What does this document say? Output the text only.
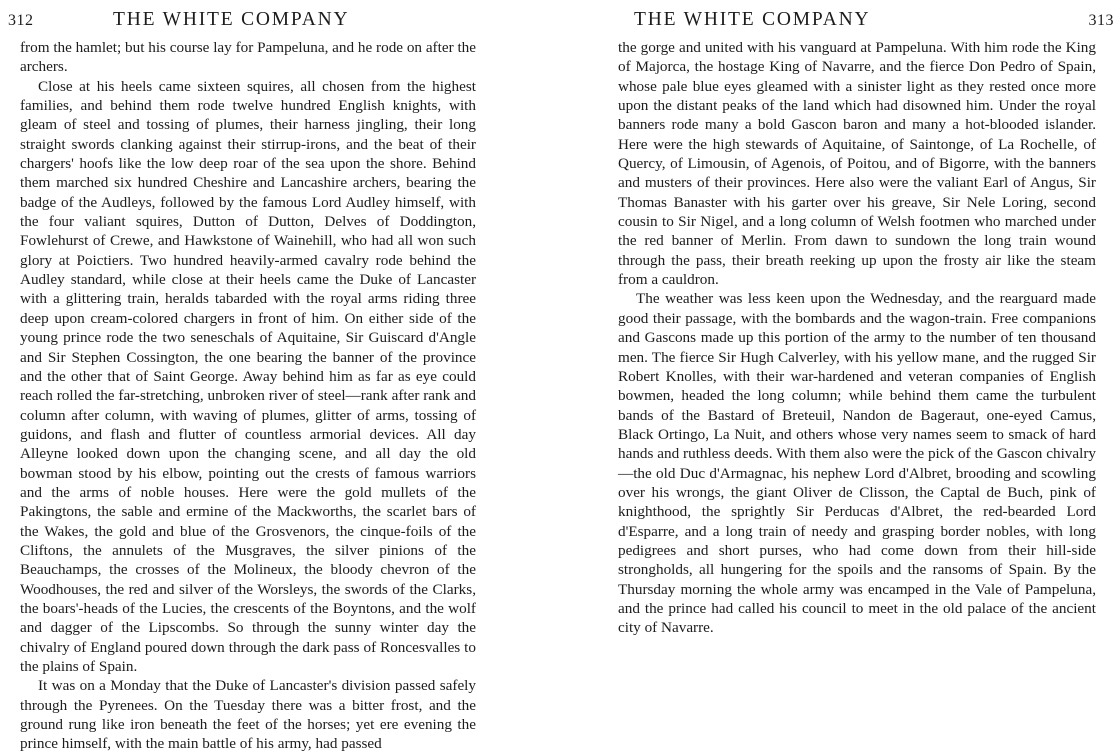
312	THE WHITE COMPANY

from the hamlet; but his course lay for Pampeluna, and he rode on after the archers.

Close at his heels came sixteen squires, all chosen from the highest families, and behind them rode twelve hundred English knights, with gleam of steel and tossing of plumes, their harness jingling, their long straight swords clanking against their stirrup-irons, and the beat of their chargers' hoofs like the low deep roar of the sea upon the shore. Behind them marched six hundred Cheshire and Lancashire archers, bearing the badge of the Audleys, followed by the famous Lord Audley himself, with the four valiant squires, Dutton of Dutton, Delves of Doddington, Fowlehurst of Crewe, and Hawkstone of Wainehill, who had all won such glory at Poictiers. Two hundred heavily-armed cavalry rode behind the Audley standard, while close at their heels came the Duke of Lancaster with a glittering train, heralds tabarded with the royal arms riding three deep upon cream-colored chargers in front of him. On either side of the young prince rode the two seneschals of Aquitaine, Sir Guiscard d'Angle and Sir Stephen Cossington, the one bearing the banner of the province and the other that of Saint George. Away behind him as far as eye could reach rolled the far-stretching, unbroken river of steel—rank after rank and column after column, with waving of plumes, glitter of arms, tossing of guidons, and flash and flutter of countless armorial devices. All day Alleyne looked down upon the changing scene, and all day the old bowman stood by his elbow, pointing out the crests of famous warriors and the arms of noble houses. Here were the gold mullets of the Pakingtons, the sable and ermine of the Mackworths, the scarlet bars of the Wakes, the gold and blue of the Grosvenors, the cinque-foils of the Cliftons, the annulets of the Musgraves, the silver pinions of the Beauchamps, the crosses of the Molineux, the bloody chevron of the Woodhouses, the red and silver of the Worsleys, the swords of the Clarks, the boars'-heads of the Lucies, the crescents of the Boyntons, and the wolf and dagger of the Lipscombs. So through the sunny winter day the chivalry of England poured down through the dark pass of Roncesvalles to the plains of Spain.

It was on a Monday that the Duke of Lancaster's division passed safely through the Pyrenees. On the Tuesday there was a bitter frost, and the ground rung like iron beneath the feet of the horses; yet ere evening the prince himself, with the main battle of his army, had passed

THE WHITE COMPANY	313

the gorge and united with his vanguard at Pampeluna. With him rode the King of Majorca, the hostage King of Navarre, and the fierce Don Pedro of Spain, whose pale blue eyes gleamed with a sinister light as they rested once more upon the distant peaks of the land which had disowned him. Under the royal banners rode many a bold Gascon baron and many a hot-blooded islander. Here were the high stewards of Aquitaine, of Saintonge, of La Rochelle, of Quercy, of Limousin, of Agenois, of Poitou, and of Bigorre, with the banners and musters of their provinces. Here also were the valiant Earl of Angus, Sir Thomas Banaster with his garter over his greave, Sir Nele Loring, second cousin to Sir Nigel, and a long column of Welsh footmen who marched under the red banner of Merlin. From dawn to sundown the long train wound through the pass, their breath reeking up upon the frosty air like the steam from a cauldron.

The weather was less keen upon the Wednesday, and the rearguard made good their passage, with the bombards and the wagon-train. Free companions and Gascons made up this portion of the army to the number of ten thousand men. The fierce Sir Hugh Calverley, with his yellow mane, and the rugged Sir Robert Knolles, with their war-hardened and veteran companies of English bowmen, headed the long column; while behind them came the turbulent bands of the Bastard of Breteuil, Nandon de Bageraut, one-eyed Camus, Black Ortingo, La Nuit, and others whose very names seem to smack of hard hands and ruthless deeds. With them also were the pick of the Gascon chivalry—the old Duc d'Armagnac, his nephew Lord d'Albret, brooding and scowling over his wrongs, the giant Oliver de Clisson, the Captal de Buch, pink of knighthood, the sprightly Sir Perducas d'Albret, the red-bearded Lord d'Esparre, and a long train of needy and grasping border nobles, with long pedigrees and short purses, who had come down from their hill-side strongholds, all hungering for the spoils and the ransoms of Spain. By the Thursday morning the whole army was encamped in the Vale of Pampeluna, and the prince had called his council to meet in the old palace of the ancient city of Navarre.
